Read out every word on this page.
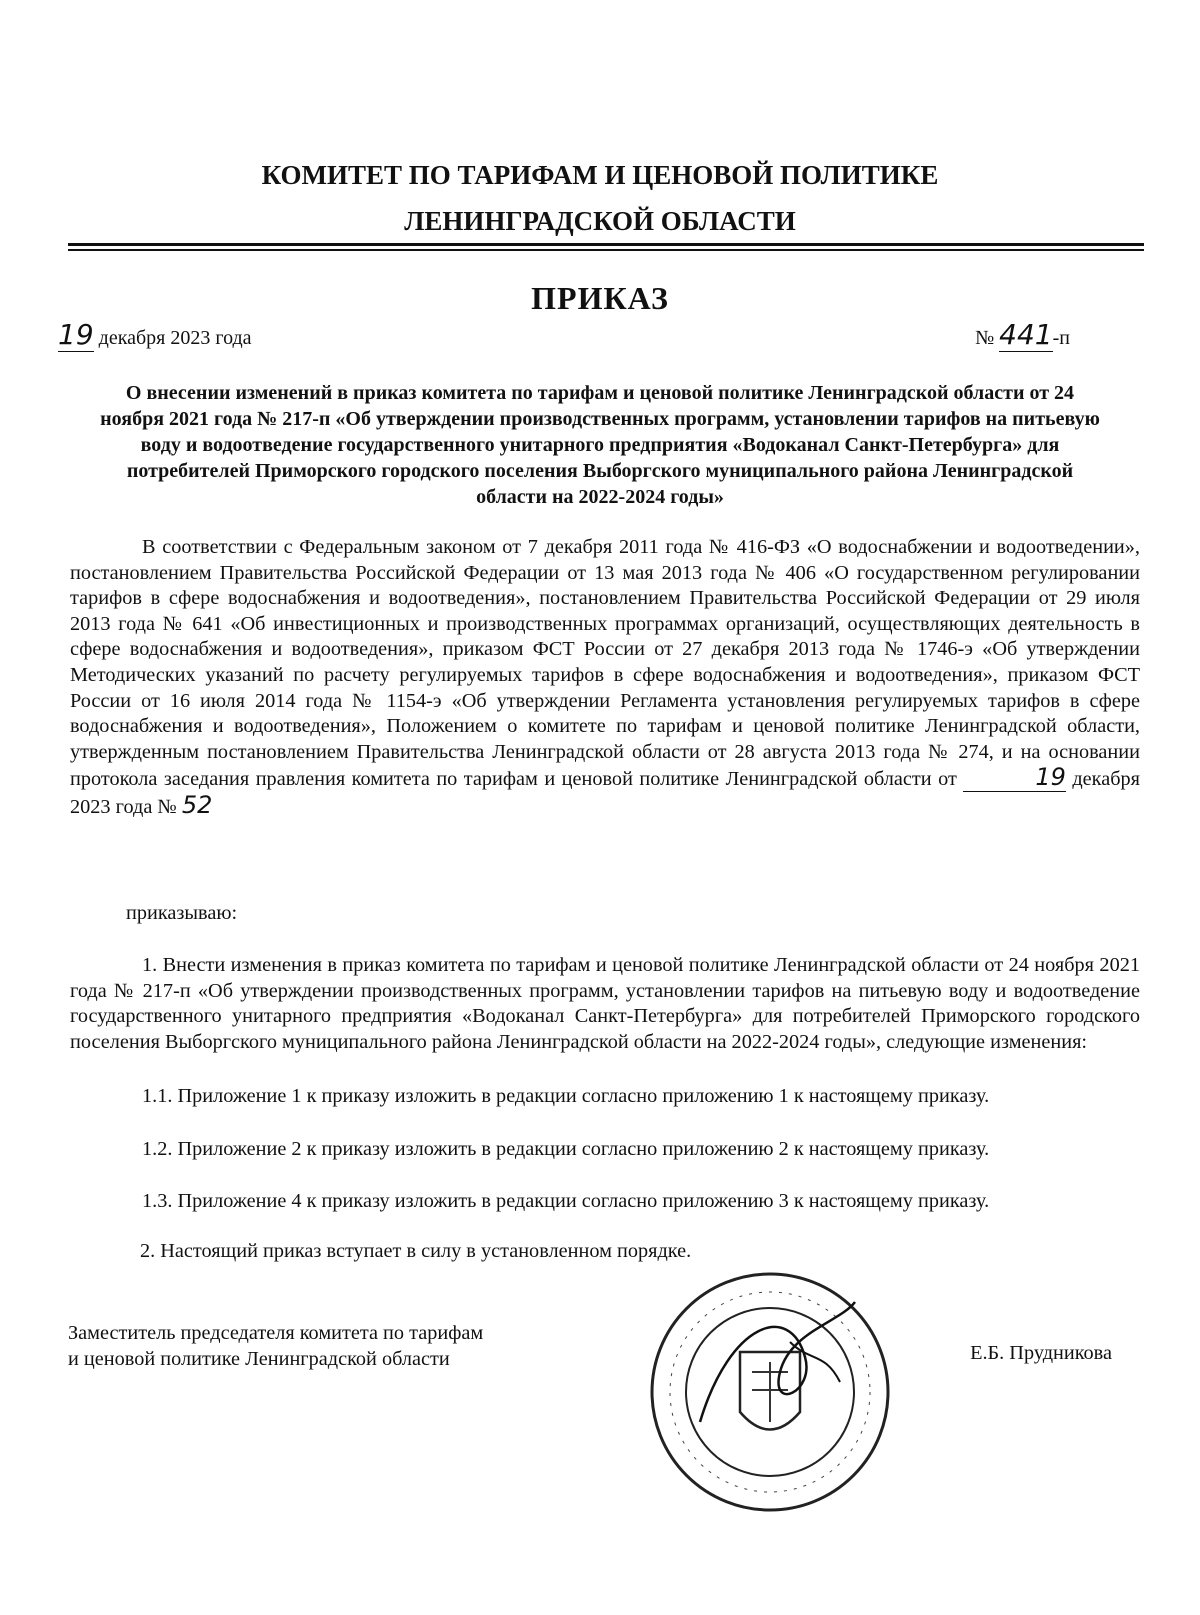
КОМИТЕТ ПО ТАРИФАМ И ЦЕНОВОЙ ПОЛИТИКЕ
ЛЕНИНГРАДСКОЙ ОБЛАСТИ
ПРИКАЗ
19 декабря 2023 года	№ 441-п
О внесении изменений в приказ комитета по тарифам и ценовой политике Ленинградской области от 24 ноября 2021 года № 217-п «Об утверждении производственных программ, установлении тарифов на питьевую воду и водоотведение государственного унитарного предприятия «Водоканал Санкт-Петербурга» для потребителей Приморского городского поселения Выборгского муниципального района Ленинградской области на 2022-2024 годы»
В соответствии с Федеральным законом от 7 декабря 2011 года № 416-ФЗ «О водоснабжении и водоотведении», постановлением Правительства Российской Федерации от 13 мая 2013 года № 406 «О государственном регулировании тарифов в сфере водоснабжения и водоотведения», постановлением Правительства Российской Федерации от 29 июля 2013 года № 641 «Об инвестиционных и производственных программах организаций, осуществляющих деятельность в сфере водоснабжения и водоотведения», приказом ФСТ России от 27 декабря 2013 года № 1746-э «Об утверждении Методических указаний по расчету регулируемых тарифов в сфере водоснабжения и водоотведения», приказом ФСТ России от 16 июля 2014 года № 1154-э «Об утверждении Регламента установления регулируемых тарифов в сфере водоснабжения и водоотведения», Положением о комитете по тарифам и ценовой политике Ленинградской области, утвержденным постановлением Правительства Ленинградской области от 28 августа 2013 года № 274, и на основании протокола заседания правления комитета по тарифам и ценовой политике Ленинградской области от	19 декабря 2023 года № 52
приказываю:
1. Внести изменения в приказ комитета по тарифам и ценовой политике Ленинградской области от 24 ноября 2021 года № 217-п «Об утверждении производственных программ, установлении тарифов на питьевую воду и водоотведение государственного унитарного предприятия «Водоканал Санкт-Петербурга» для потребителей Приморского городского поселения Выборгского муниципального района Ленинградской области на 2022-2024 годы», следующие изменения:
1.1. Приложение 1 к приказу изложить в редакции согласно приложению 1 к настоящему приказу.
1.2. Приложение 2 к приказу изложить в редакции согласно приложению 2 к настоящему приказу.
1.3. Приложение 4 к приказу изложить в редакции согласно приложению 3 к настоящему приказу.
2. Настоящий приказ вступает в силу в установленном порядке.
Заместитель председателя комитета по тарифам
и ценовой политике Ленинградской области	Е.Б. Прудникова
